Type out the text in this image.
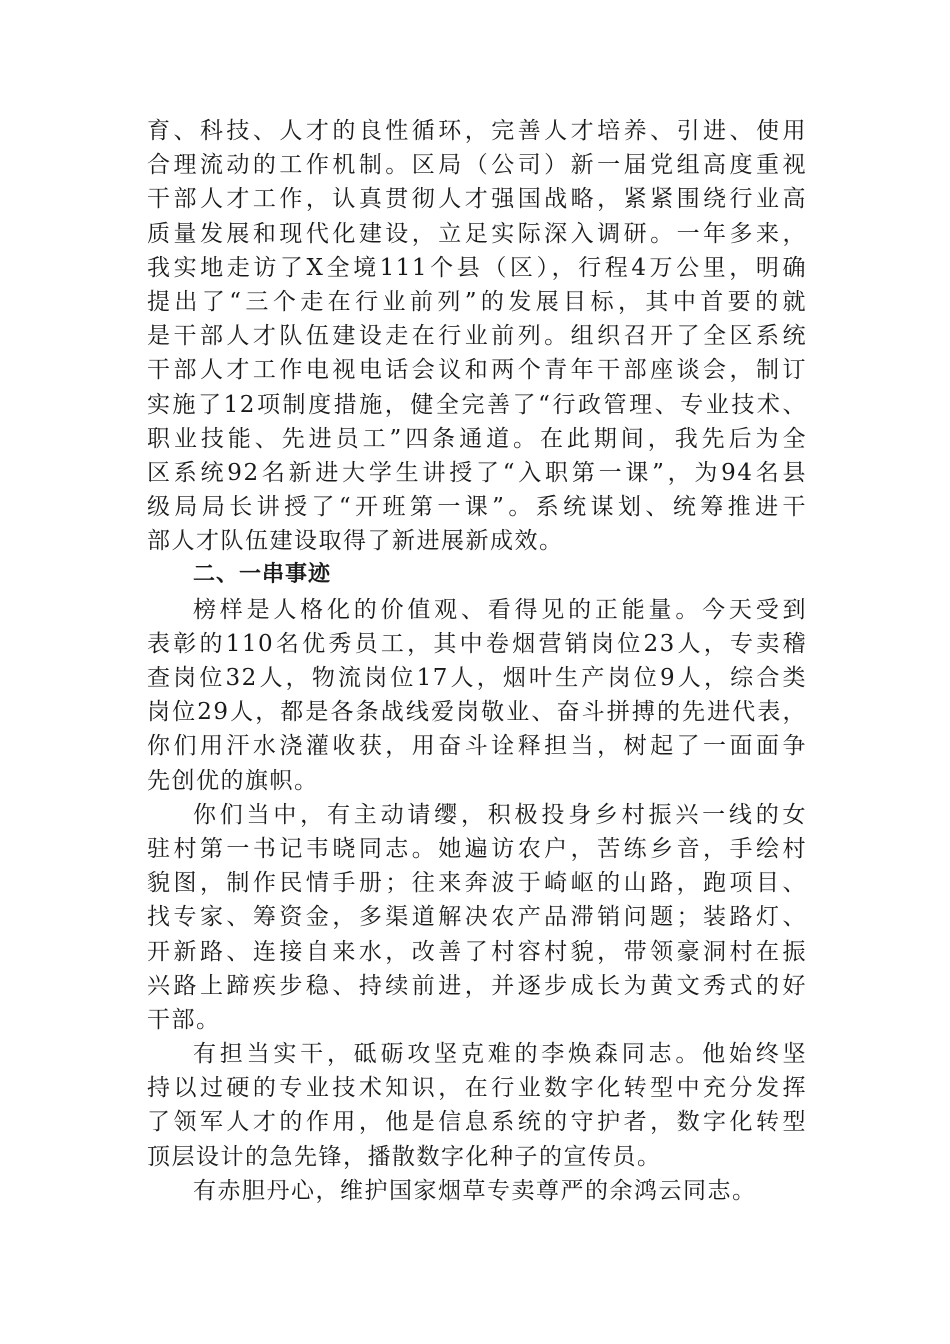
育、科技、人才的良性循环，完善人才培养、引进、使用
合理流动的工作机制。区局（公司）新一届党组高度重视
干部人才工作，认真贯彻人才强国战略，紧紧围绕行业高
质量发展和现代化建设，立足实际深入调研。一年多来，
我实地走访了X全境111个县（区），行程4万公里，明确
提出了“三个走在行业前列”的发展目标，其中首要的就
是干部人才队伍建设走在行业前列。组织召开了全区系统
干部人才工作电视电话会议和两个青年干部座谈会，制订
实施了12项制度措施，健全完善了“行政管理、专业技术、
职业技能、先进员工”四条通道。在此期间，我先后为全
区系统92名新进大学生讲授了“入职第一课”，为94名县
级局局长讲授了“开班第一课”。系统谋划、统筹推进干
部人才队伍建设取得了新进展新成效。
二、一串事迹
榜样是人格化的价值观、看得见的正能量。今天受到
表彰的110名优秀员工，其中卷烟营销岗位23人，专卖稽
查岗位32人，物流岗位17人，烟叶生产岗位9人，综合类
岗位29人，都是各条战线爱岗敬业、奋斗拼搏的先进代表，
你们用汗水浇灌收获，用奋斗诠释担当，树起了一面面争
先创优的旗帜。
你们当中，有主动请缨，积极投身乡村振兴一线的女
驻村第一书记韦晓同志。她遍访农户，苦练乡音，手绘村
貌图，制作民情手册；往来奔波于崎岖的山路，跑项目、
找专家、筹资金，多渠道解决农产品滞销问题；装路灯、
开新路、连接自来水，改善了村容村貌，带领豪洞村在振
兴路上蹄疾步稳、持续前进，并逐步成长为黄文秀式的好
干部。
有担当实干，砥砺攻坚克难的李焕森同志。他始终坚
持以过硬的专业技术知识，在行业数字化转型中充分发挥
了领军人才的作用，他是信息系统的守护者，数字化转型
顶层设计的急先锋，播散数字化种子的宣传员。
有赤胆丹心，维护国家烟草专卖尊严的余鸿云同志。
